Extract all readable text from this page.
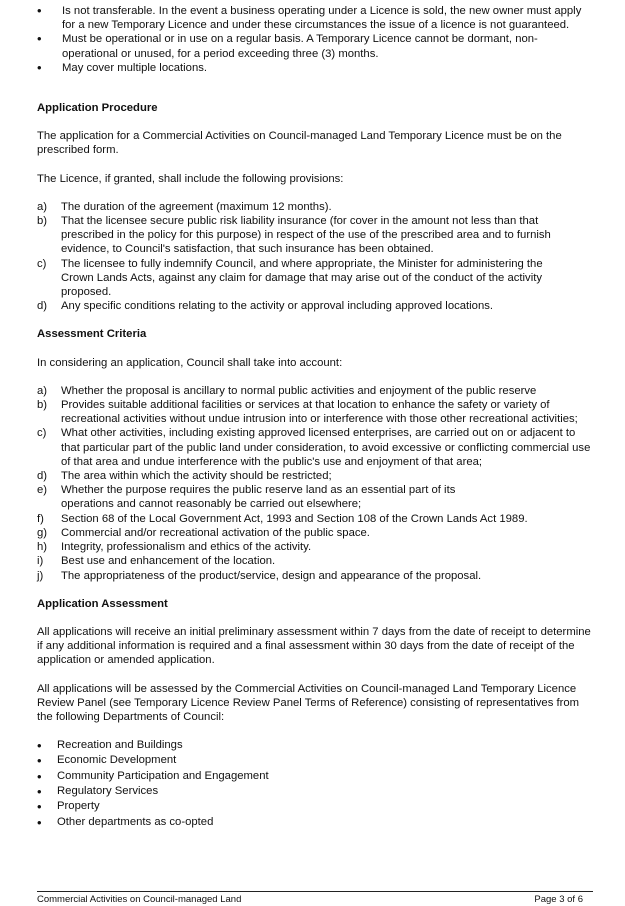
• Is not transferable. In the event a business operating under a Licence is sold, the new owner must apply for a new Temporary Licence and under these circumstances the issue of a licence is not guaranteed.

• Must be operational or in use on a regular basis. A Temporary Licence cannot be dormant, non-operational or unused, for a period exceeding three (3) months.

• May cover multiple locations.

Application Procedure

The application for a Commercial Activities on Council-managed Land Temporary Licence must be on the prescribed form.

The Licence, if granted, shall include the following provisions:

a) The duration of the agreement (maximum 12 months).

b) That the licensee secure public risk liability insurance (for cover in the amount not less than that prescribed in the policy for this purpose) in respect of the use of the prescribed area and to furnish evidence, to Council's satisfaction, that such insurance has been obtained.

c) The licensee to fully indemnify Council, and where appropriate, the Minister for administering the Crown Lands Acts, against any claim for damage that may arise out of the conduct of the activity proposed.

d) Any specific conditions relating to the activity or approval including approved locations.

Assessment Criteria

In considering an application, Council shall take into account:

a) Whether the proposal is ancillary to normal public activities and enjoyment of the public reserve

b) Provides suitable additional facilities or services at that location to enhance the safety or variety of recreational activities without undue intrusion into or interference with those other recreational activities;

c) What other activities, including existing approved licensed enterprises, are carried out on or adjacent to that particular part of the public land under consideration, to avoid excessive or conflicting commercial use of that area and undue interference with the public's use and enjoyment of that area;

d) The area within which the activity should be restricted;

e) Whether the purpose requires the public reserve land as an essential part of its operations and cannot reasonably be carried out elsewhere;

f) Section 68 of the Local Government Act, 1993 and Section 108 of the Crown Lands Act 1989.

g) Commercial and/or recreational activation of the public space.

h) Integrity, professionalism and ethics of the activity.

i) Best use and enhancement of the location.

j) The appropriateness of the product/service, design and appearance of the proposal.

Application Assessment

All applications will receive an initial preliminary assessment within 7 days from the date of receipt to determine if any additional information is required and a final assessment within 30 days from the date of receipt of the application or amended application.

All applications will be assessed by the Commercial Activities on Council-managed Land Temporary Licence Review Panel (see Temporary Licence Review Panel Terms of Reference) consisting of representatives from the following Departments of Council:

• Recreation and Buildings

• Economic Development

• Community Participation and Engagement

• Regulatory Services

• Property

• Other departments as co-opted

Commercial Activities on Council-managed Land	Page 3 of 6
